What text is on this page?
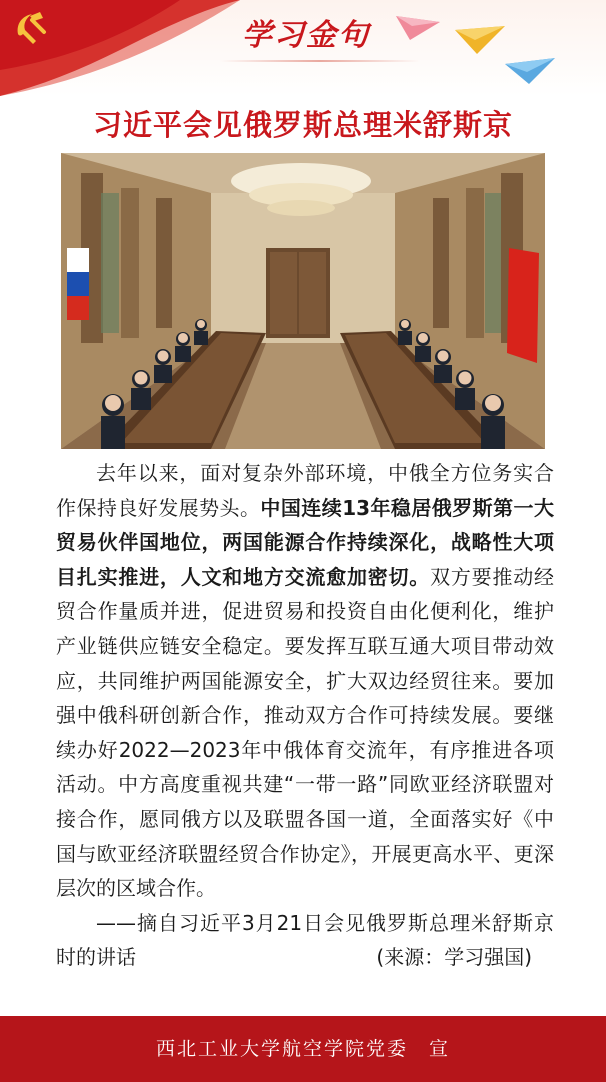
学习金句
习近平会见俄罗斯总理米舒斯京

去年以来，面对复杂外部环境，中俄全方位务实合作保持良好发展势头。中国连续13年稳居俄罗斯第一大贸易伙伴国地位，两国能源合作持续深化，战略性大项目扎实推进，人文和地方交流愈加密切。双方要推动经贸合作量质并进，促进贸易和投资自由化便利化，维护产业链供应链安全稳定。要发挥互联互通大项目带动效应，共同维护两国能源安全，扩大双边经贸往来。要加强中俄科研创新合作，推动双方合作可持续发展。要继续办好2022—2023年中俄体育交流年，有序推进各项活动。中方高度重视共建“一带一路”同欧亚经济联盟对接合作，愿同俄方以及联盟各国一道，全面落实好《中国与欧亚经济联盟经贸合作协定》，开展更高水平、更深层次的区域合作。

——摘自习近平3月21日会见俄罗斯总理米舒斯京时的讲话	(来源：学习强国)

西北工业大学航空学院党委　宣
